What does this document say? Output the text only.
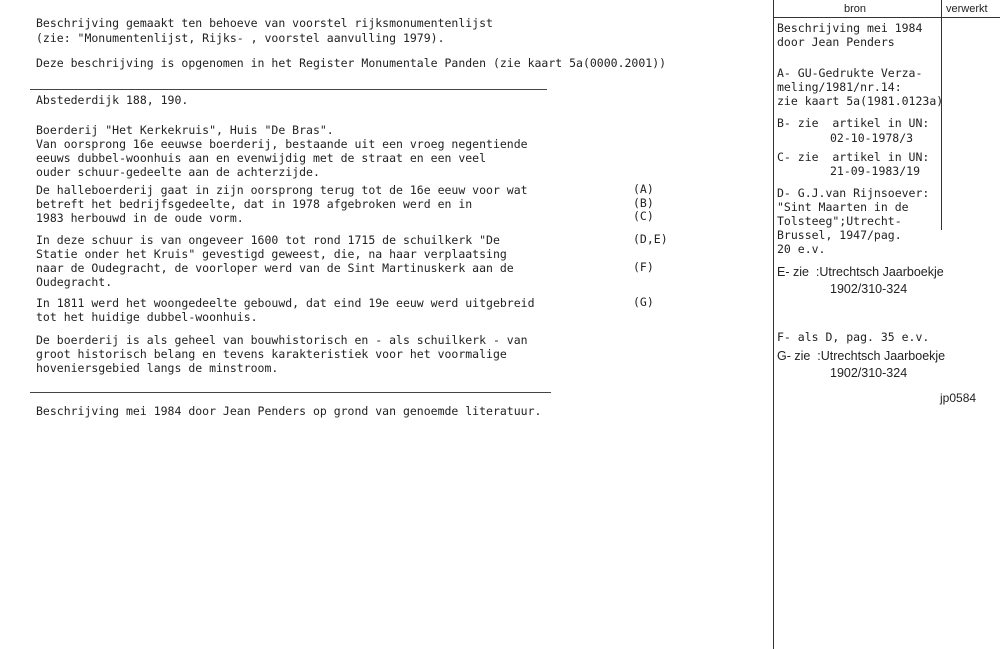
Beschrijving gemaakt ten behoeve van voorstel rijksmonumentenlijst
(zie: "Monumentenlijst, Rijks- , voorstel aanvulling 1979).
Deze beschrijving is opgenomen in het Register Monumentale Panden (zie kaart 5a(0000.2001))
Abstederdijk 188, 190.
Boerderij "Het Kerkekruis", Huis "De Bras".
Van oorsprong 16e eeuwse boerderij, bestaande uit een vroeg negentiende
eeuws dubbel-woonhuis aan en evenwijdig met de straat en een veel
ouder schuur-gedeelte aan de achterzijde.
De halleboerderij gaat in zijn oorsprong terug tot de 16e eeuw voor wat
betreft het bedrijfsgedeelte, dat in 1978 afgebroken werd en in
1983 herbouwd in de oude vorm.
In deze schuur is van ongeveer 1600 tot rond 1715 de schuilkerk "De
Statie onder het Kruis" gevestigd geweest, die, na haar verplaatsing
naar de Oudegracht, de voorloper werd van de Sint Martinuskerk aan de
Oudegracht.
In 1811 werd het woongedeelte gebouwd, dat eind 19e eeuw werd uitgebreid
tot het huidige dubbel-woonhuis.
De boerderij is als geheel van bouwhistorisch en - als schuilkerk - van
groot historisch belang en tevens karakteristiek voor het voormalige
hoveniersgebied langs de minstroom.
(A)
(B)
(C)
(D,E)
(F)
(G)
Beschrijving mei 1984 door Jean Penders op grond van genoemde literatuur.
bron	verwerkt
Beschrijving mei 1984
door Jean Penders
A- GU-Gedrukte Verza-
meling/1981/nr.14:
zie kaart 5a(1981.0123a)
B- zie  artikel in UN:
02-10-1978/3
C- zie  artikel in UN:
21-09-1983/19
D- G.J.van Rijnsoever:
"Sint Maarten in de
Tolsteeg";Utrecht-
Brussel, 1947/pag.
20 e.v.
E- zie  :Utrechtsch Jaarboekje
1902/310-324
F- als D, pag. 35 e.v.
G- zie  :Utrechtsch Jaarboekje
1902/310-324
jp0584
